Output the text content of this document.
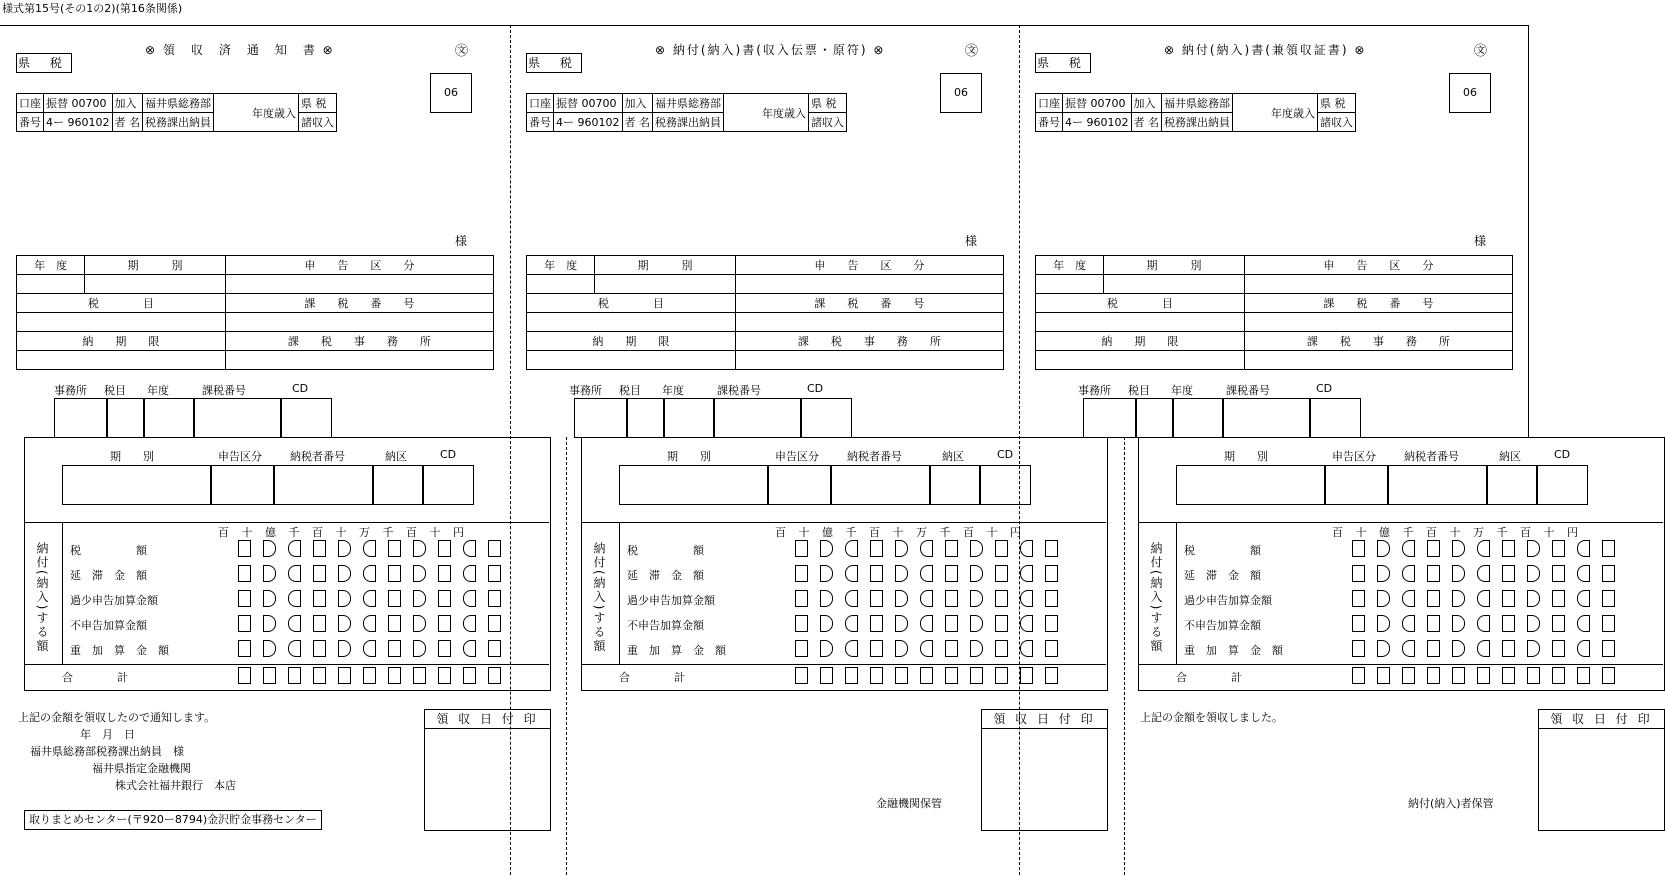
様式第15号(その1の2)(第16条関係)
⊗ 領　収　済　通　知　書 ⊗	㉆
県 税
06
口座	振替 00700	加入	福井県総務部	年度歳入	県 税
番号	4ー 960102	者 名	税務課出納員		諸収入
様
年　度	期　　　別	申　　告　　区　　分

税　　　　目		課　　税　　番　　号

納　　期　　限		課　　税　　事　　務　　所

事務所 税目 年度	課税番号	CD
期　　別	申告区分	納税者番号	納区	CD
百 十 億 千 百 十 万 千 百 十 円
納付(納入)する額 税　　　　　額
延　滞　金　額
過少申告加算金額
不申告加算金額
重　加　算　金　額
合　　　　計
領 収 日 付 印
⊗ 納付(納入)書(収入伝票・原符) ⊗	㉆
県 税
06
口座	振替 00700	加入	福井県総務部	年度歳入	県 税
番号	4ー 960102	者 名	税務課出納員		諸収入
様
年　度	期　　　別	申　　告　　区　　分

税　　　　目		課　　税　　番　　号

納　　期　　限		課　　税　　事　　務　　所

事務所 税目 年度	課税番号	CD
期　　別	申告区分	納税者番号	納区	CD
百 十 億 千 百 十 万 千 百 十 円
納付(納入)する額 税　　　　　額
延　滞　金　額
過少申告加算金額
不申告加算金額
重　加　算　金　額
合　　　　計
領 収 日 付 印
⊗ 納付(納入)書(兼領収証書) ⊗	㉆
県 税
06
口座	振替 00700	加入	福井県総務部	年度歳入	県 税
番号	4ー 960102	者 名	税務課出納員		諸収入
様
年　度	期　　　別	申　　告　　区　　分

税　　　　目		課　　税　　番　　号

納　　期　　限		課　　税　　事　　務　　所

事務所 税目 年度	課税番号	CD
期　　別	申告区分	納税者番号	納区	CD
百 十 億 千 百 十 万 千 百 十 円
納付(納入)する額 税　　　　　額
延　滞　金　額
過少申告加算金額
不申告加算金額
重　加　算　金　額
合　　　　計
領 収 日 付 印
上記の金額を領収したので通知します。
年　月　日
福井県総務部税務課出納員　様
福井県指定金融機関
株式会社福井銀行　本店
取りまとめセンター(〒920ー8794)金沢貯金事務センター
金融機関保管
上記の金額を領収しました。
納付(納入)者保管
